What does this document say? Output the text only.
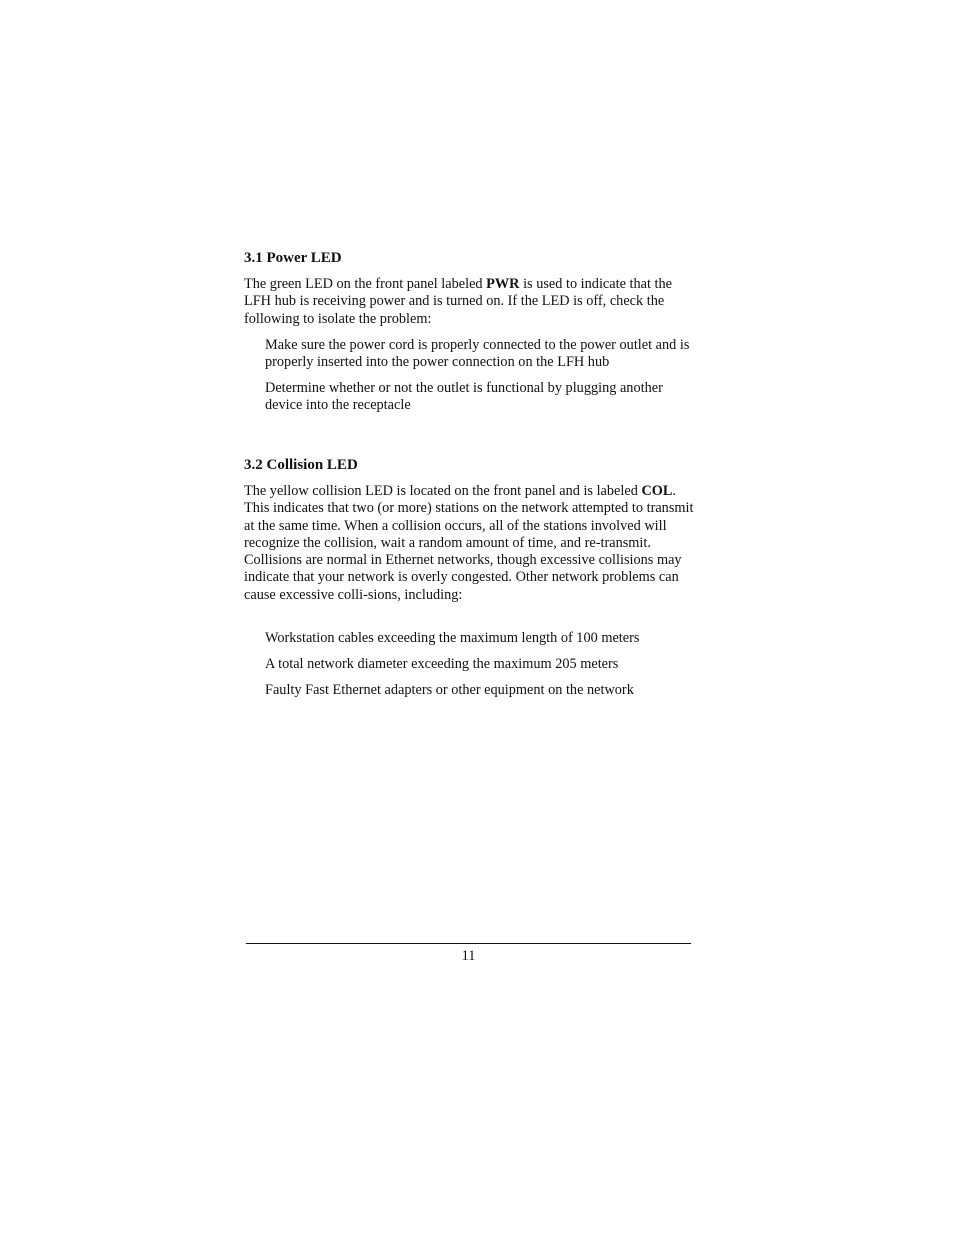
3.1 Power LED

The green LED on the front panel labeled PWR is used to indicate that the LFH hub is receiving power and is turned on. If the LED is off, check the following to isolate the problem:

Make sure the power cord is properly connected to the power outlet and is properly inserted into the power connection on the LFH hub

Determine whether or not the outlet is functional by plugging another device into the receptacle

3.2 Collision LED

The yellow collision LED is located on the front panel and is labeled COL. This indicates that two (or more) stations on the network attempted to transmit at the same time. When a collision occurs, all of the stations involved will recognize the collision, wait a random amount of time, and re-transmit. Collisions are normal in Ethernet networks, though excessive collisions may indicate that your network is overly congested. Other network problems can cause excessive colli-sions, including:

Workstation cables exceeding the maximum length of 100 meters

A total network diameter exceeding the maximum 205 meters

Faulty Fast Ethernet adapters or other equipment on the network

11
